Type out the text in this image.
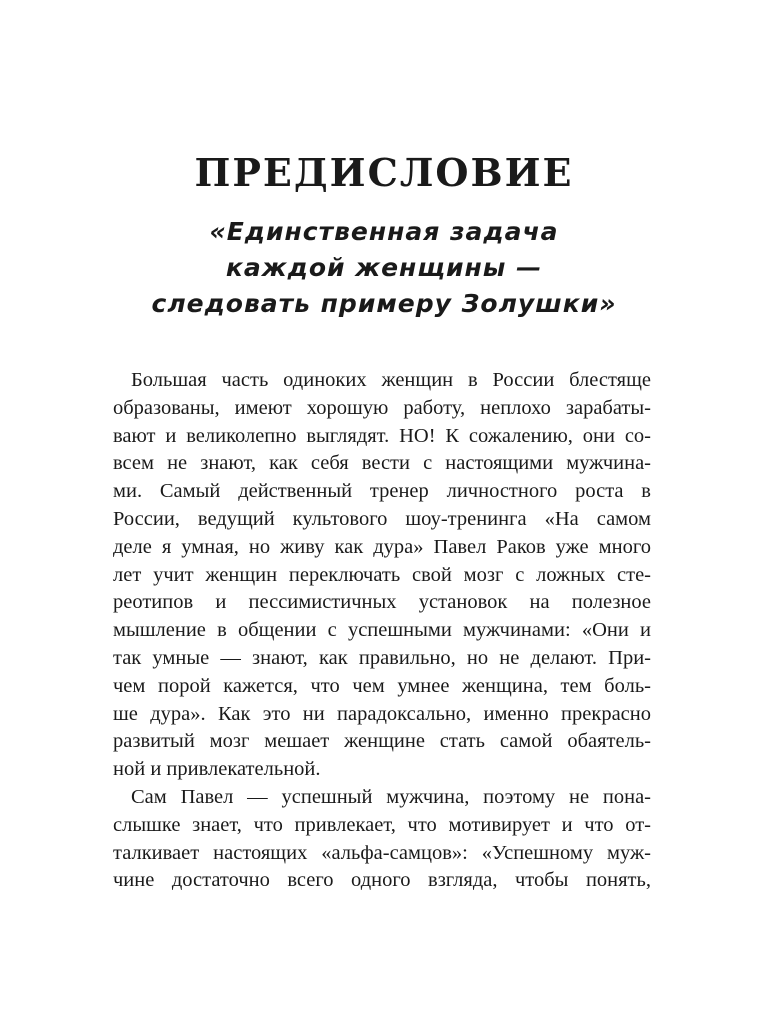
ПРЕДИСЛОВИЕ
«Единственная задача
каждой женщины —
следовать примеру Золушки»
Большая часть одиноких женщин в России блестяще
образованы, имеют хорошую работу, неплохо зарабаты-
вают и великолепно выглядят. НО! К сожалению, они со-
всем не знают, как себя вести с настоящими мужчина-
ми. Самый действенный тренер личностного роста в
России, ведущий культового шоу-тренинга «На самом
деле я умная, но живу как дура» Павел Раков уже много
лет учит женщин переключать свой мозг с ложных сте-
реотипов и пессимистичных установок на полезное
мышление в общении с успешными мужчинами: «Они и
так умные — знают, как правильно, но не делают. При-
чем порой кажется, что чем умнее женщина, тем боль-
ше дура». Как это ни парадоксально, именно прекрасно
развитый мозг мешает женщине стать самой обаятель-
ной и привлекательной.
Сам Павел — успешный мужчина, поэтому не пона-
слышке знает, что привлекает, что мотивирует и что от-
талкивает настоящих «альфа-самцов»: «Успешному муж-
чине достаточно всего одного взгляда, чтобы понять,
